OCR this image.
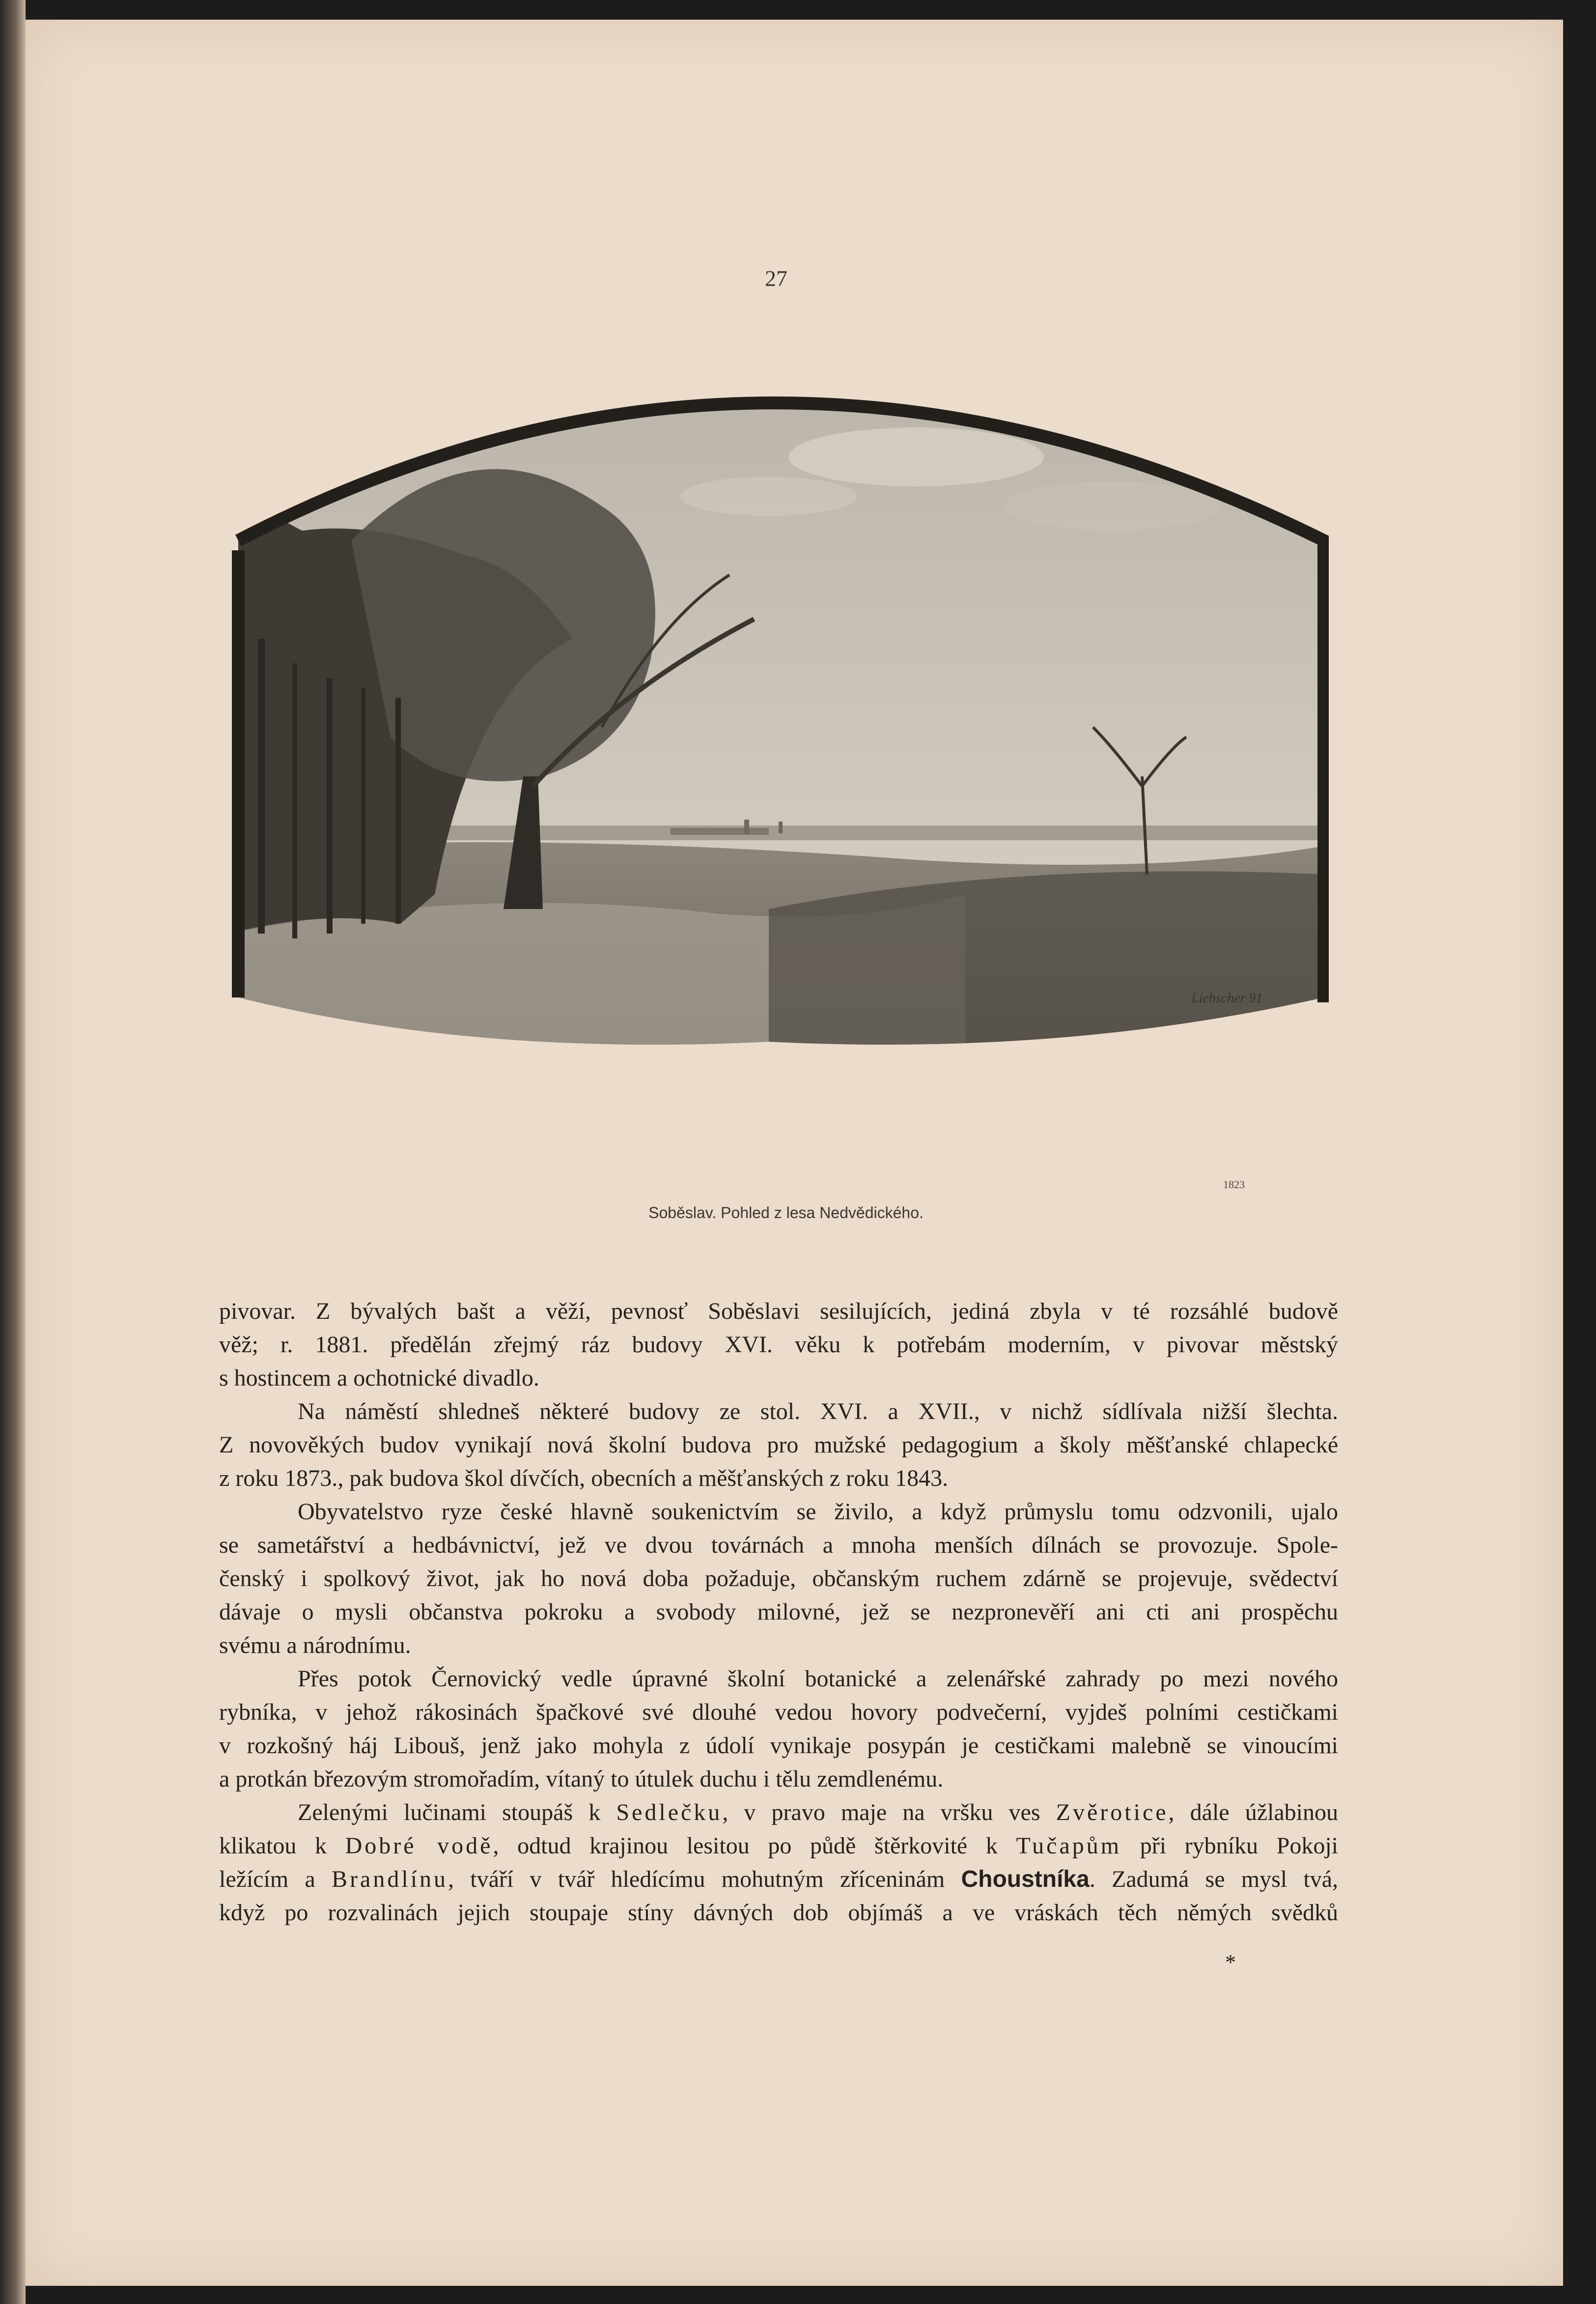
27
Liebscher 91
1823
Soběslav. Pohled z lesa Nedvědického.
pivovar. Z bývalých bašt a věží, pevnosť Soběslavi sesilujících, jediná zbyla v té rozsáhlé budově
věž; r. 1881. předělán zřejmý ráz budovy XVI. věku k potřebám moderním, v pivovar městský
s hostincem a ochotnické divadlo.
Na náměstí shledneš některé budovy ze stol. XVI. a XVII., v nichž sídlívala nižší šlechta.
Z novověkých budov vynikají nová školní budova pro mužské pedagogium a školy měšťanské chlapecké
z roku 1873., pak budova škol dívčích, obecních a měšťanských z roku 1843.
Obyvatelstvo ryze české hlavně soukenictvím se živilo, a když průmyslu tomu odzvonili, ujalo
se sametářství a hedbávnictví, jež ve dvou továrnách a mnoha menších dílnách se provozuje. Spole-
čenský i spolkový život, jak ho nová doba požaduje, občanským ruchem zdárně se projevuje, svědectví
dávaje o mysli občanstva pokroku a svobody milovné, jež se nezpronevěří ani cti ani prospěchu
svému a národnímu.
Přes potok Černovický vedle úpravné školní botanické a zelenářské zahrady po mezi nového
rybníka, v jehož rákosinách špačkové své dlouhé vedou hovory podvečerní, vyjdeš polními cestičkami
v rozkošný háj Libouš, jenž jako mohyla z údolí vynikaje posypán je cestičkami malebně se vinoucími
a protkán březovým stromořadím, vítaný to útulek duchu i tělu zemdlenému.
Zelenými lučinami stoupáš k Sedlečku, v pravo maje na vršku ves Zvěrotice, dále úžlabinou
klikatou k Dobré vodě, odtud krajinou lesitou po půdě štěrkovité k Tučapům při rybníku Pokoji
ležícím a Brandlínu, tváří v tvář hledícímu mohutným zříceninám Choustníka. Zadumá se mysl tvá,
když po rozvalinách jejich stoupaje stíny dávných dob objímáš a ve vráskách těch němých svědků
*
